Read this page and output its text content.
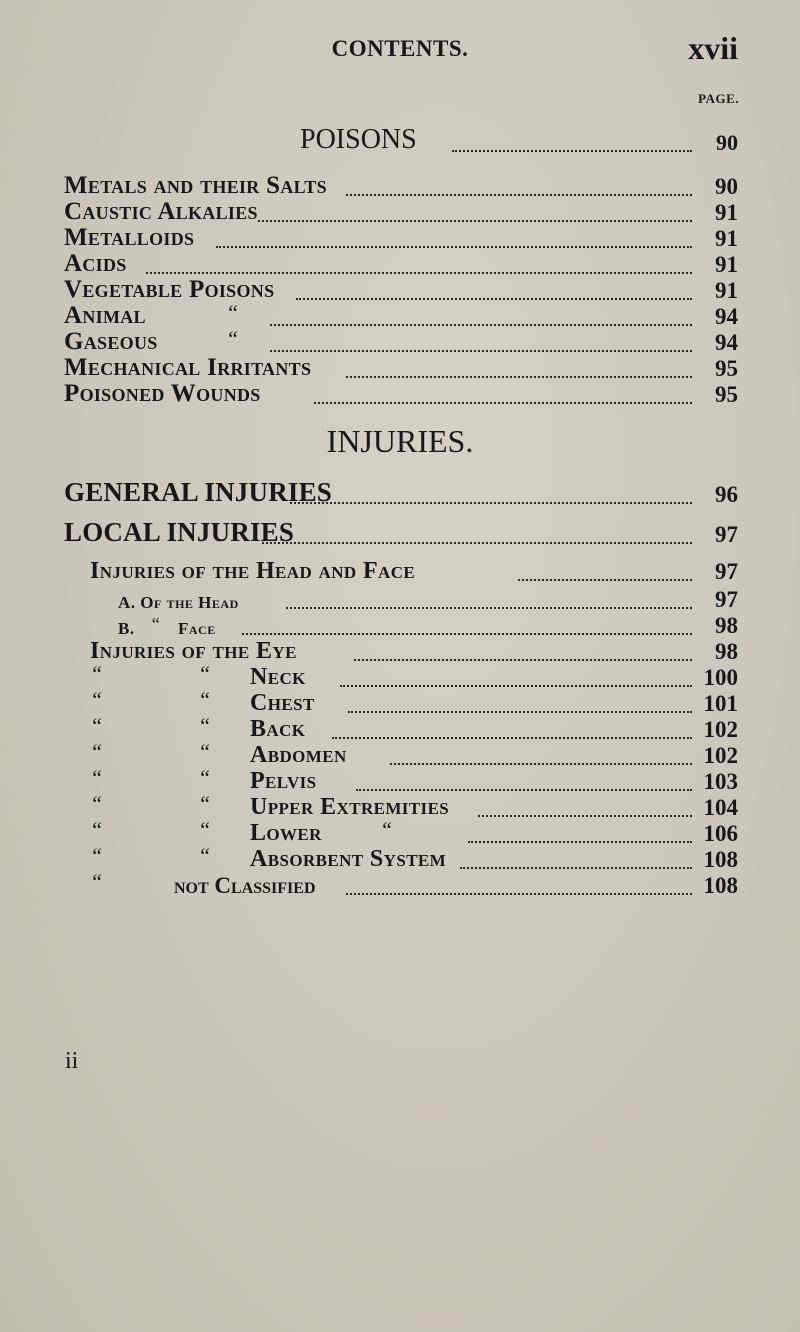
CONTENTS.	xvii
PAGE.
POISONS	90
Metals and their Salts	90
Caustic Alkalies	91
Metalloids	91
Acids	91
Vegetable Poisons	91
Animal	“	94
Gaseous	“	94
Mechanical Irritants	95
Poisoned Wounds	95
INJURIES.
GENERAL INJURIES	96
LOCAL INJURIES	97
Injuries of the Head and Face	97
A. Of the Head	97
B. “ Face	98
Injuries of the Eye	98
“	“ Neck	100
“	“ Chest	101
“	“ Back	102
“	“ Abdomen	102
“	“ Pelvis	103
“	“ Upper Extremities	104
“	“ Lower	“	106
“	“ Absorbent System	108
“	not Classified	108
ii
